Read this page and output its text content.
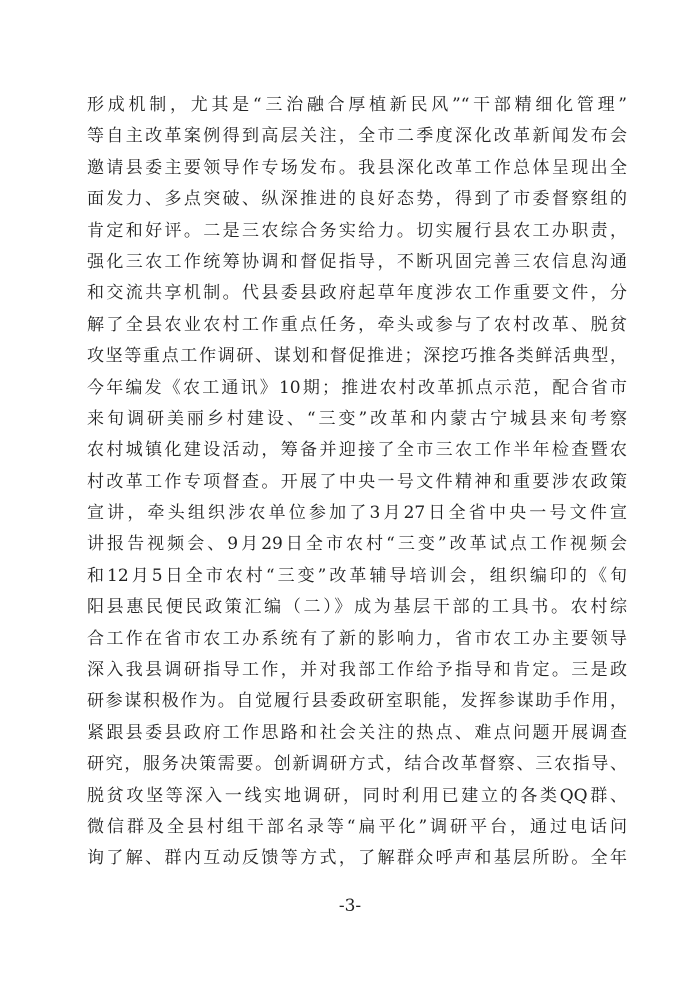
形成机制，尤其是“三治融合厚植新民风”“干部精细化管理”
等自主改革案例得到高层关注，全市二季度深化改革新闻发布会
邀请县委主要领导作专场发布。我县深化改革工作总体呈现出全
面发力、多点突破、纵深推进的良好态势，得到了市委督察组的
肯定和好评。二是三农综合务实给力。切实履行县农工办职责，
强化三农工作统筹协调和督促指导，不断巩固完善三农信息沟通
和交流共享机制。代县委县政府起草年度涉农工作重要文件，分
解了全县农业农村工作重点任务，牵头或参与了农村改革、脱贫
攻坚等重点工作调研、谋划和督促推进；深挖巧推各类鲜活典型，
今年编发《农工通讯》10期；推进农村改革抓点示范，配合省市
来旬调研美丽乡村建设、“三变”改革和内蒙古宁城县来旬考察
农村城镇化建设活动，筹备并迎接了全市三农工作半年检查暨农
村改革工作专项督查。开展了中央一号文件精神和重要涉农政策
宣讲，牵头组织涉农单位参加了3月27日全省中央一号文件宣
讲报告视频会、9月29日全市农村“三变”改革试点工作视频会
和12月5日全市农村“三变”改革辅导培训会，组织编印的《旬
阳县惠民便民政策汇编（二）》成为基层干部的工具书。农村综
合工作在省市农工办系统有了新的影响力，省市农工办主要领导
深入我县调研指导工作，并对我部工作给予指导和肯定。三是政
研参谋积极作为。自觉履行县委政研室职能，发挥参谋助手作用，
紧跟县委县政府工作思路和社会关注的热点、难点问题开展调查
研究，服务决策需要。创新调研方式，结合改革督察、三农指导、
脱贫攻坚等深入一线实地调研，同时利用已建立的各类QQ群、
微信群及全县村组干部名录等“扁平化”调研平台，通过电话问
询了解、群内互动反馈等方式，了解群众呼声和基层所盼。全年
-3-
